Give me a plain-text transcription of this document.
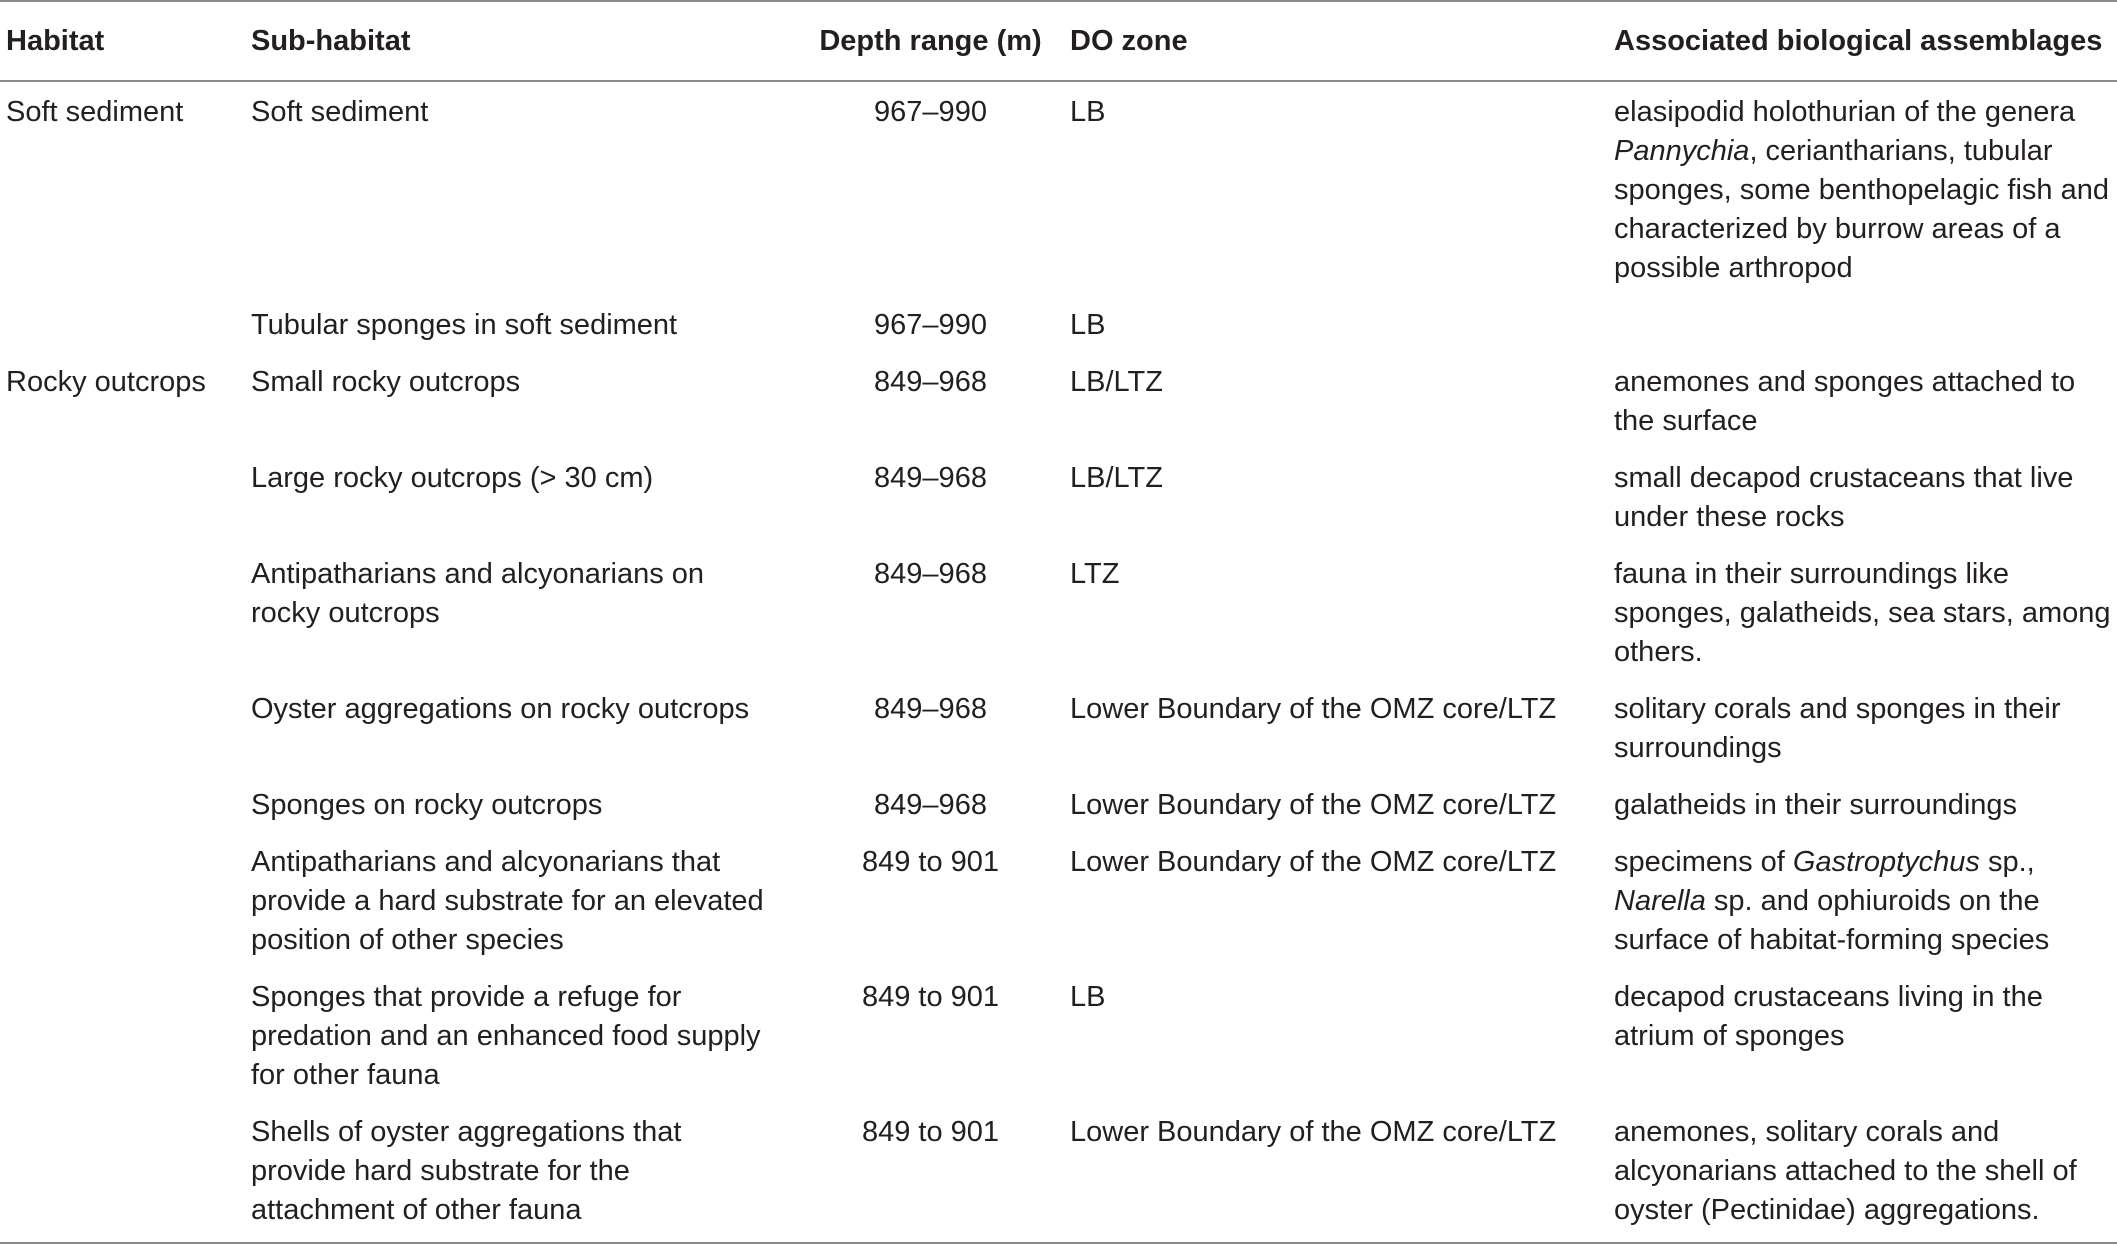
Habitat	Sub-habitat	Depth range (m)	DO zone	Associated biological assemblages
Soft sediment	Soft sediment	967–990	LB	elasipodid holothurian of the genera Pannychia, ceriantharians, tubular sponges, some benthopelagic fish and characterized by burrow areas of a possible arthropod
	Tubular sponges in soft sediment	967–990	LB	
Rocky outcrops	Small rocky outcrops	849–968	LB/LTZ	anemones and sponges attached to the surface
	Large rocky outcrops (> 30 cm)	849–968	LB/LTZ	small decapod crustaceans that live under these rocks
	Antipatharians and alcyonarians on rocky outcrops	849–968	LTZ	fauna in their surroundings like sponges, galatheids, sea stars, among others.
	Oyster aggregations on rocky outcrops	849–968	Lower Boundary of the OMZ core/LTZ	solitary corals and sponges in their surroundings
	Sponges on rocky outcrops	849–968	Lower Boundary of the OMZ core/LTZ	galatheids in their surroundings
	Antipatharians and alcyonarians that provide a hard substrate for an elevated position of other species	849 to 901	Lower Boundary of the OMZ core/LTZ	specimens of Gastroptychus sp., Narella sp. and ophiuroids on the surface of habitat-forming species
	Sponges that provide a refuge for predation and an enhanced food supply for other fauna	849 to 901	LB	decapod crustaceans living in the atrium of sponges
	Shells of oyster aggregations that provide hard substrate for the attachment of other fauna	849 to 901	Lower Boundary of the OMZ core/LTZ	anemones, solitary corals and alcyonarians attached to the shell of oyster (Pectinidae) aggregations.
